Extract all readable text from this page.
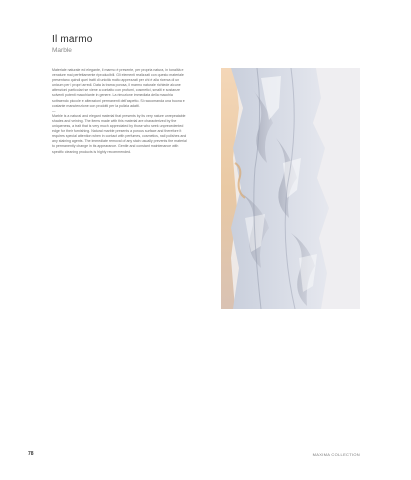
Il marmo
Marble

Materiale naturale ed elegante, il marmo è presente, per propria natura, in tonalità e venature mai perfettamente riproducibili. Gli elementi realizzati con questo materiale presentano quindi quei tratti di unicità molto apprezzati per chi è alla ricerca di un unicum per i propri arredi. Data la trama porosa, il marmo naturale richiede alcune attenzioni particolari se viene a contatto con profumi, cosmetici, smalti e sostanze solventi potenti macchiante in genere. La rimozione immediata della macchia sottraendo piccole e alterazioni permanenti dell'aspetto. Si raccomanda una buona e costante manutenzione con prodotti per la pulizia adatti.

—

Marble is a natural and elegant material that presents by its very nature unrepeatable shades and veining. The items made with this material are characterized by the uniqueness, a trait that is very much appreciated by those who seek unprecedented edge for their furnishing. Natural marble presents a porous surface and therefore it requires special attention when in contact with perfumes, cosmetics, nail polishes and any staining agents. The immediate removal of any stain usually prevents the material to permanently change in its appearance. Gentle and constant maintenance with specific cleaning products is highly recommended.

78	MAXIMA COLLECTION
